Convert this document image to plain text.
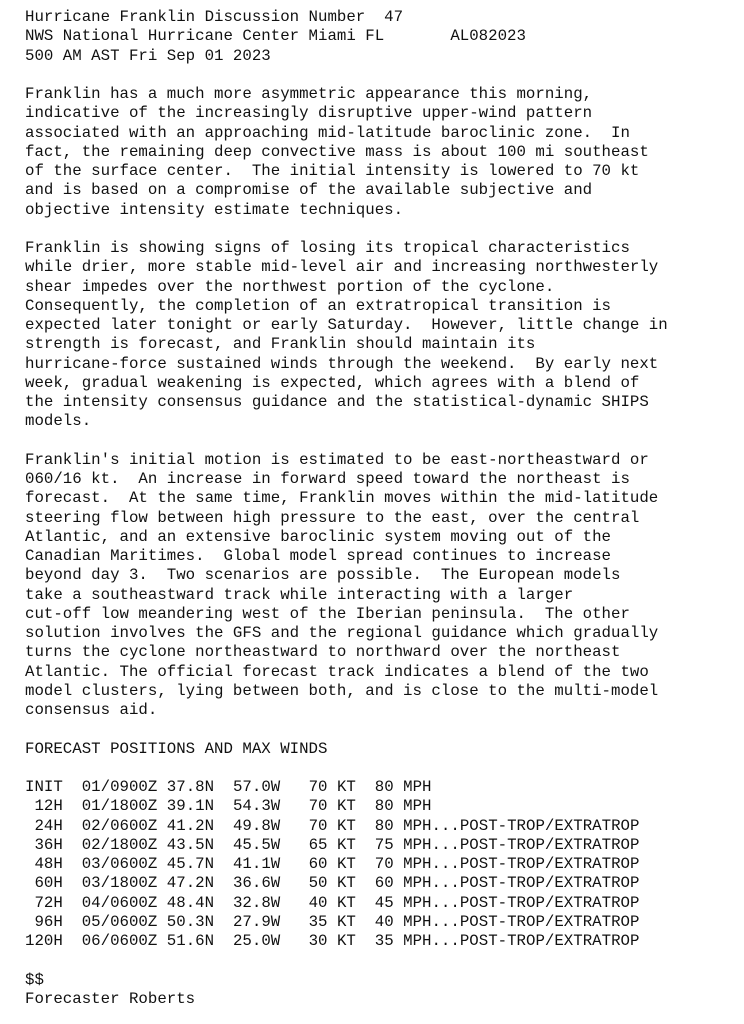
Hurricane Franklin Discussion Number  47
NWS National Hurricane Center Miami FL       AL082023
500 AM AST Fri Sep 01 2023
Franklin has a much more asymmetric appearance this morning,
indicative of the increasingly disruptive upper-wind pattern
associated with an approaching mid-latitude baroclinic zone.  In
fact, the remaining deep convective mass is about 100 mi southeast
of the surface center.  The initial intensity is lowered to 70 kt
and is based on a compromise of the available subjective and
objective intensity estimate techniques.
Franklin is showing signs of losing its tropical characteristics
while drier, more stable mid-level air and increasing northwesterly
shear impedes over the northwest portion of the cyclone.
Consequently, the completion of an extratropical transition is
expected later tonight or early Saturday.  However, little change in
strength is forecast, and Franklin should maintain its
hurricane-force sustained winds through the weekend.  By early next
week, gradual weakening is expected, which agrees with a blend of
the intensity consensus guidance and the statistical-dynamic SHIPS
models.
Franklin's initial motion is estimated to be east-northeastward or
060/16 kt.  An increase in forward speed toward the northeast is
forecast.  At the same time, Franklin moves within the mid-latitude
steering flow between high pressure to the east, over the central
Atlantic, and an extensive baroclinic system moving out of the
Canadian Maritimes.  Global model spread continues to increase
beyond day 3.  Two scenarios are possible.  The European models
take a southeastward track while interacting with a larger
cut-off low meandering west of the Iberian peninsula.  The other
solution involves the GFS and the regional guidance which gradually
turns the cyclone northeastward to northward over the northeast
Atlantic. The official forecast track indicates a blend of the two
model clusters, lying between both, and is close to the multi-model
consensus aid.
FORECAST POSITIONS AND MAX WINDS
INIT  01/0900Z 37.8N  57.0W   70 KT  80 MPH
12H  01/1800Z 39.1N  54.3W   70 KT  80 MPH
24H  02/0600Z 41.2N  49.8W   70 KT  80 MPH...POST-TROP/EXTRATROP
36H  02/1800Z 43.5N  45.5W   65 KT  75 MPH...POST-TROP/EXTRATROP
48H  03/0600Z 45.7N  41.1W   60 KT  70 MPH...POST-TROP/EXTRATROP
60H  03/1800Z 47.2N  36.6W   50 KT  60 MPH...POST-TROP/EXTRATROP
72H  04/0600Z 48.4N  32.8W   40 KT  45 MPH...POST-TROP/EXTRATROP
96H  05/0600Z 50.3N  27.9W   35 KT  40 MPH...POST-TROP/EXTRATROP
120H  06/0600Z 51.6N  25.0W   30 KT  35 MPH...POST-TROP/EXTRATROP
$$
Forecaster Roberts
